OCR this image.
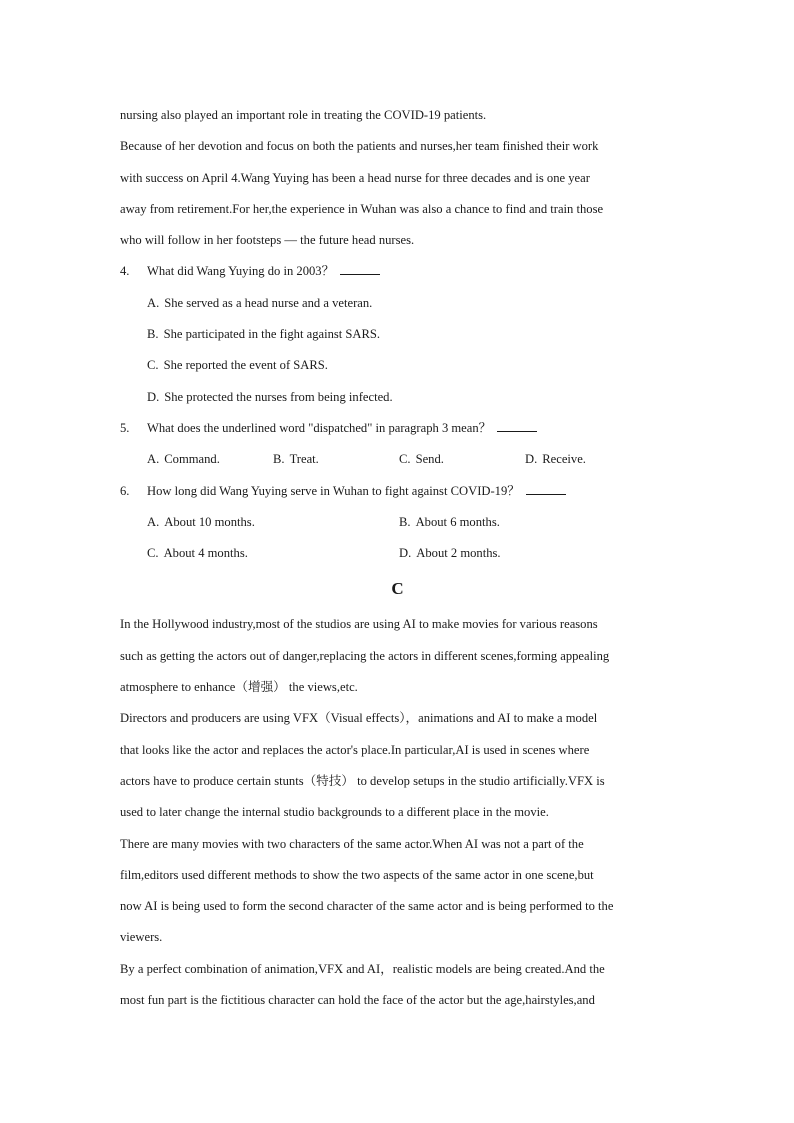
nursing also played an important role in treating the COVID-19 patients.
Because of her devotion and focus on both the patients and nurses,her team finished their work
with success on April 4.Wang Yuying has been a head nurse for three decades and is one year
away from retirement.For her,the experience in Wuhan was also a chance to find and train those
who will follow in her footsteps — the future head nurses.
4.	What did Wang Yuying do in 2003？
A. She served as a head nurse and a veteran.
B. She participated in the fight against SARS.
C. She reported the event of SARS.
D. She protected the nurses from being infected.
5.	What does the underlined word "dispatched" in paragraph 3 mean？
A. Command.	B. Treat.	C. Send.	D. Receive.
6.	How long did Wang Yuying serve in Wuhan to fight against COVID-19？
A. About 10 months.	B. About 6 months.
C. About 4 months.	D. About 2 months.
C
In the Hollywood industry,most of the studios are using AI to make movies for various reasons
such as getting the actors out of danger,replacing the actors in different scenes,forming appealing
atmosphere to enhance（增强） the views,etc.
Directors and producers are using VFX（Visual effects），animations and AI to make a model
that looks like the actor and replaces the actor's place.In particular,AI is used in scenes where
actors have to produce certain stunts（特技） to develop setups in the studio artificially.VFX is
used to later change the internal studio backgrounds to a different place in the movie.
There are many movies with two characters of the same actor.When AI was not a part of the
film,editors used different methods to show the two aspects of the same actor in one scene,but
now AI is being used to form the second character of the same actor and is being performed to the
viewers.
By a perfect combination of animation,VFX and AI，realistic models are being created.And the
most fun part is the fictitious character can hold the face of the actor but the age,hairstyles,and
